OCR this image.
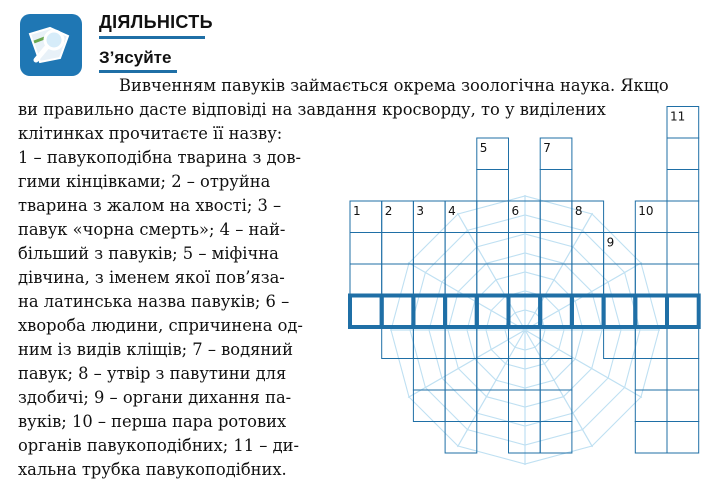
ДІЯЛЬНІСТЬ
З’ясуйте
Вивченням павуків займається окрема зоологічна наука. Якщо
ви правильно дасте відповіді на завдання кросворду, то у виділених
клітинках прочитаєте її назву:
1 – павукоподібна тварина з дов-
гими кінцівками; 2 – отруйна
тварина з жалом на хвості; 3 –
павук «чорна смерть»; 4 – най-
більший з павуків; 5 – міфічна
дівчина, з іменем якої пов’яза-
на латинська назва павуків; 6 –
хвороба людини, спричинена од-
ним із видів кліщів; 7 – водяний
павук; 8 – утвір з павутини для
здобичі; 9 – органи дихання па-
вуків; 10 – перша пара ротових
органів павукоподібних; 11 – ди-
хальна трубка павукоподібних.
1 2 3 4
5
6
7
8
9
10
11
